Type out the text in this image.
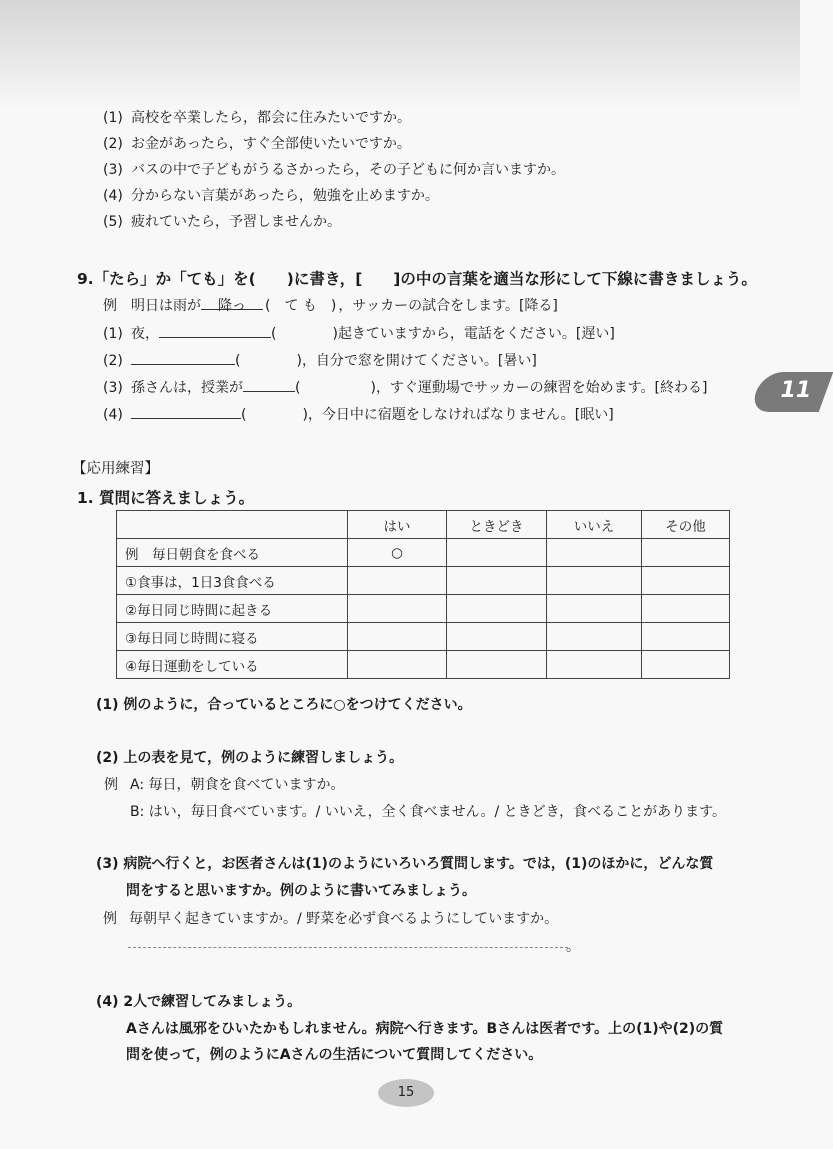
(1) 高校を卒業したら，都会に住みたいですか。
(2) お金があったら，すぐ全部使いたいですか。
(3) バスの中で子どもがうるさかったら，その子どもに何か言いますか。
(4) 分からない言葉があったら，勉強を止めますか。
(5) 疲れていたら，予習しませんか。
9.「たら」か「ても」を(　　)に書き，[　　]の中の言葉を適当な形にして下線に書きましょう。
例 明日は雨が 降っ (　て も　) ，サッカーの試合をします。[降る]
(1) 夜，	(　　　　)起きていますから，電話をください。[遅い]
(2)	(　　　　)，自分で窓を開けてください。[暑い]
(3) 孫さんは，授業が	(　　　　　)，すぐ運動場でサッカーの練習を始めます。[終わる]
(4)	(　　　　)，今日中に宿題をしなければなりません。[眠い]
11
【応用練習】
1. 質問に答えましょう。
	はい	ときどき	いいえ	その他
例　毎日朝食を食べる	○			
①食事は，1日3食食べる				
②毎日同じ時間に起きる				
③毎日同じ時間に寝る				
④毎日運動をしている				
(1) 例のように，合っているところに○をつけてください。
(2) 上の表を見て，例のように練習しましょう。
例 A: 毎日，朝食を食べていますか。
B: はい，毎日食べています。/ いいえ，全く食べません。/ ときどき，食べることがあります。
(3) 病院へ行くと，お医者さんは(1)のようにいろいろ質問します。では，(1)のほかに，どんな質
問をすると思いますか。例のように書いてみましょう。
例 毎朝早く起きていますか。/ 野菜を必ず食べるようにしていますか。
。
(4) 2人で練習してみましょう。
Aさんは風邪をひいたかもしれません。病院へ行きます。Bさんは医者です。上の(1)や(2)の質
問を使って，例のようにAさんの生活について質問してください。
15
